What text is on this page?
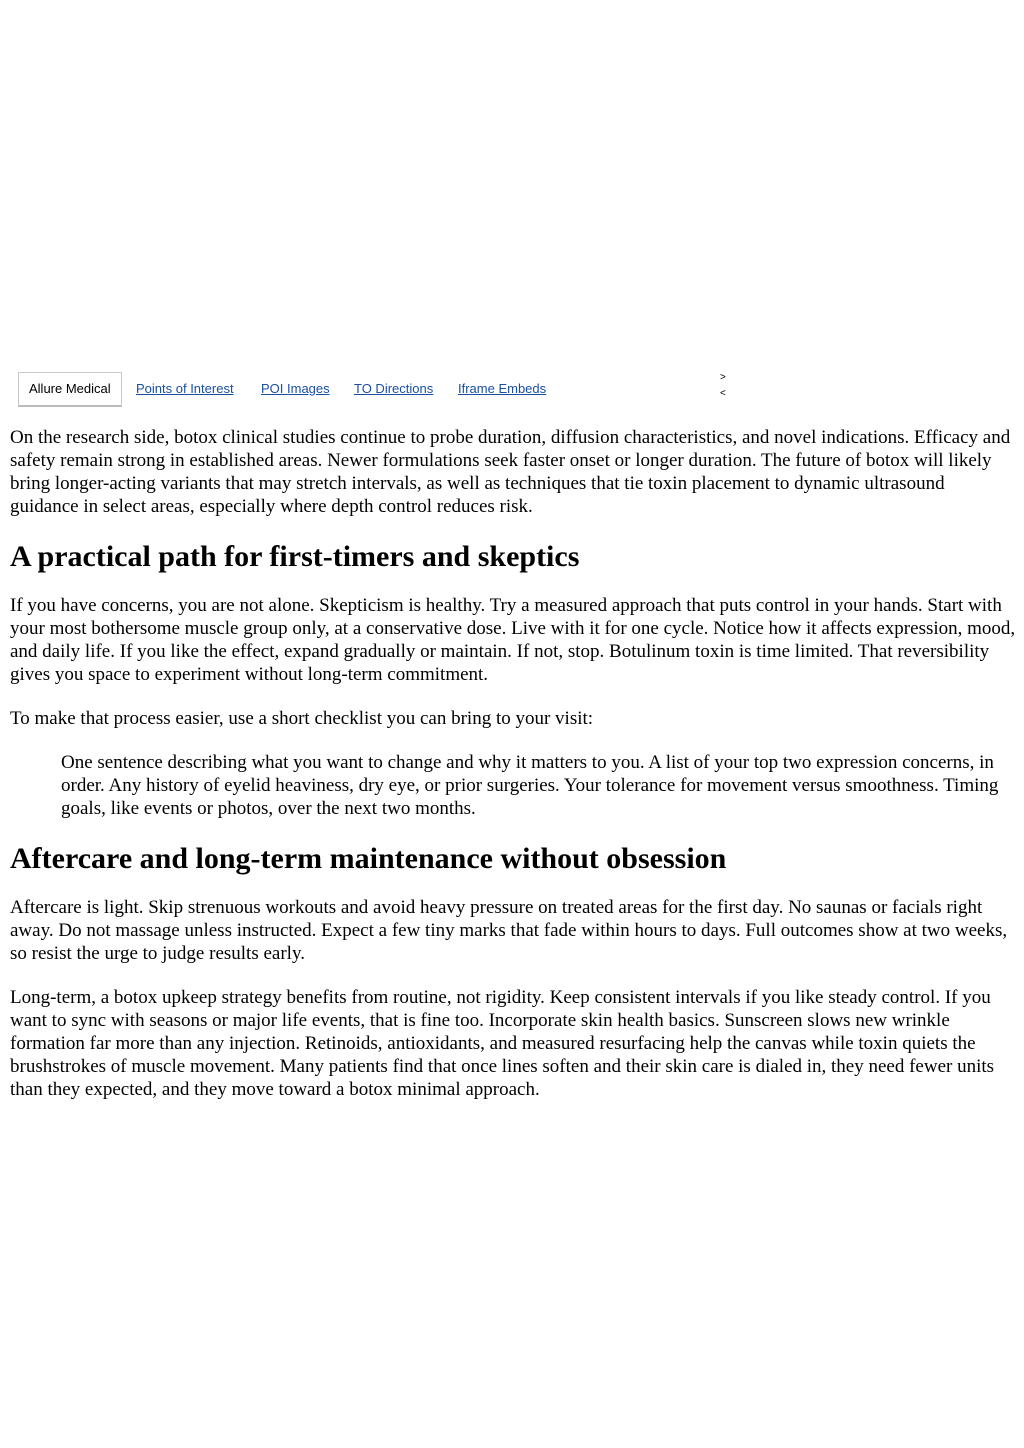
Allure Medical	Points of Interest POI Images TO Directions Iframe Embeds
>
<

On the research side, botox clinical studies continue to probe duration, diffusion characteristics, and novel indications. Efficacy and safety remain strong in established areas. Newer formulations seek faster onset or longer duration. The future of botox will likely bring longer-acting variants that may stretch intervals, as well as techniques that tie toxin placement to dynamic ultrasound guidance in select areas, especially where depth control reduces risk.

A practical path for first-timers and skeptics

If you have concerns, you are not alone. Skepticism is healthy. Try a measured approach that puts control in your hands. Start with your most bothersome muscle group only, at a conservative dose. Live with it for one cycle. Notice how it affects expression, mood, and daily life. If you like the effect, expand gradually or maintain. If not, stop. Botulinum toxin is time limited. That reversibility gives you space to experiment without long-term commitment.

To make that process easier, use a short checklist you can bring to your visit:

One sentence describing what you want to change and why it matters to you. A list of your top two expression concerns, in order. Any history of eyelid heaviness, dry eye, or prior surgeries. Your tolerance for movement versus smoothness. Timing goals, like events or photos, over the next two months.
Aftercare and long-term maintenance without obsession

Aftercare is light. Skip strenuous workouts and avoid heavy pressure on treated areas for the first day. No saunas or facials right away. Do not massage unless instructed. Expect a few tiny marks that fade within hours to days. Full outcomes show at two weeks, so resist the urge to judge results early.

Long-term, a botox upkeep strategy benefits from routine, not rigidity. Keep consistent intervals if you like steady control. If you want to sync with seasons or major life events, that is fine too. Incorporate skin health basics. Sunscreen slows new wrinkle formation far more than any injection. Retinoids, antioxidants, and measured resurfacing help the canvas while toxin quiets the brushstrokes of muscle movement. Many patients find that once lines soften and their skin care is dialed in, they need fewer units than they expected, and they move toward a botox minimal approach.
